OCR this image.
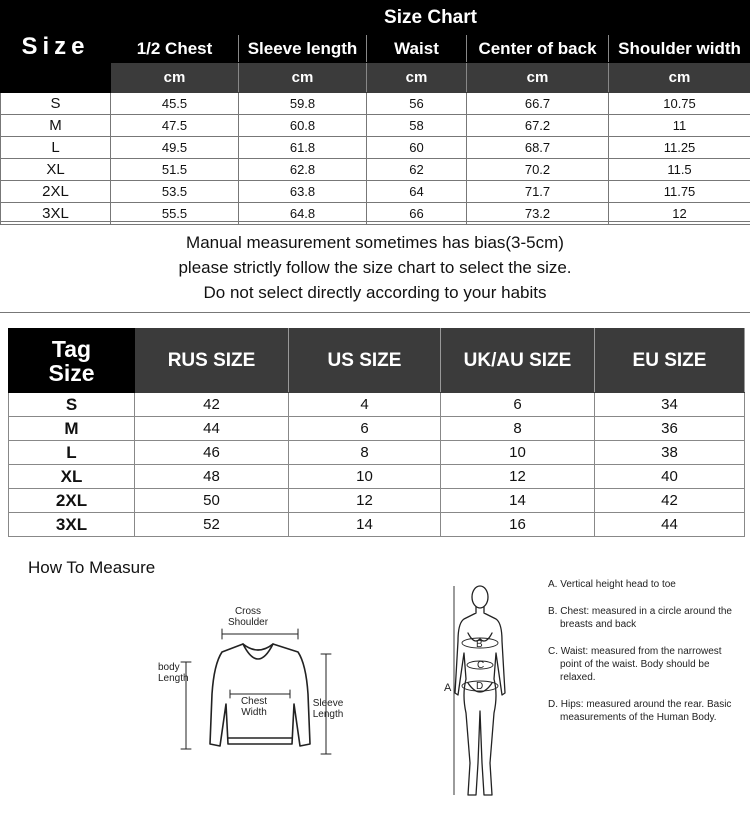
Size	Size Chart				
	1/2 Chest	Sleeve length	Waist	Center of back	Shoulder width
	cm	cm	cm	cm	cm
S	45.5	59.8	56	66.7	10.75
M	47.5	60.8	58	67.2	11
L	49.5	61.8	60	68.7	11.25
XL	51.5	62.8	62	70.2	11.5
2XL	53.5	63.8	64	71.7	11.75
3XL	55.5	64.8	66	73.2	12

Manual measurement sometimes has bias(3-5cm)

please strictly follow the size chart to select the size.

Do not select directly according to your habits

Tag
Size	RUS SIZE	US SIZE	UK/AU SIZE	EU SIZE
S	42	4	6	34
M	44	6	8	36
L	46	8	10	38
XL	48	10	12	40
2XL	50	12	14	42
3XL	52	14	16	44
How To Measure
Cross
Shoulder
body
Length
Chest
Width
Sleeve
Length
A
B
C
D
A. Vertical height head to toe
B. Chest: measured in a circle around the breasts and back
C. Waist: measured from the narrowest point of the waist. Body should be relaxed.
D. Hips: measured around the rear. Basic measurements of the Human Body.
